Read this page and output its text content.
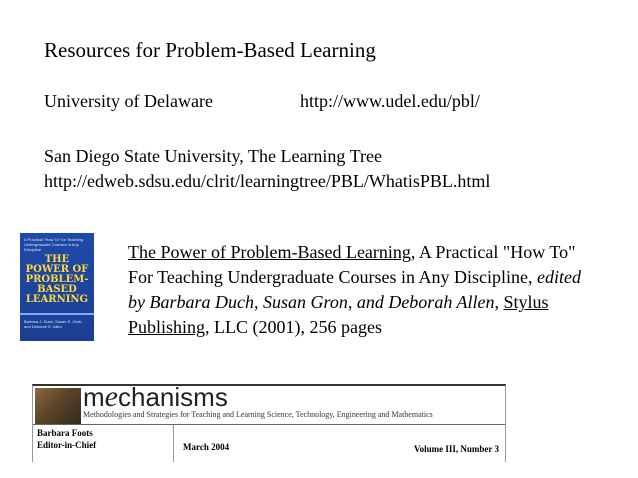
Resources for Problem-Based Learning
University of Delaware	http://www.udel.edu/pbl/
San Diego State University, The Learning Tree
http://edweb.sdsu.edu/clrit/learningtree/PBL/WhatisPBL.html
A Practical "How To" for Teaching Undergraduate Courses in Any Discipline
THE POWER OF PROBLEM-BASED LEARNING
Barbara J. Duch, Susan E. Groh, and Deborah E. Allen
The Power of Problem-Based Learning, A Practical "How To" For Teaching Undergraduate Courses in Any Discipline, edited by Barbara Duch, Susan Gron, and Deborah Allen, Stylus Publishing, LLC (2001), 256 pages
mechanisms
Methodologies and Strategies for Teaching and Learning Science, Technology, Engineering and Mathematics
Barbara Foots
Editor-in-Chief	March 2004	Volume III, Number 3
